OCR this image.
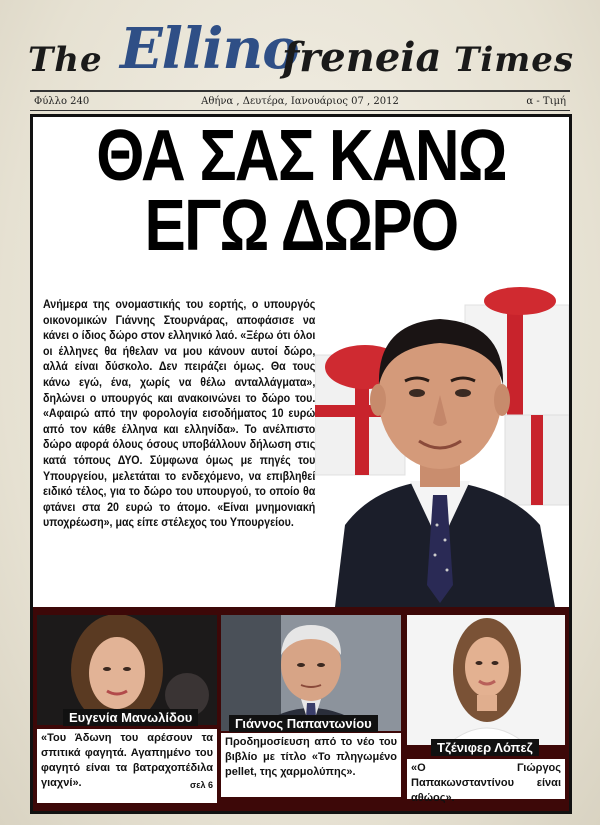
The Ellino
freneia Times
Φύλλο 240	Αθήνα , Δευτέρα, Ιανουάριος 07 , 2012	α - Τιμή
ΘΑ ΣΑΣ ΚΑΝΩ
ΕΓΩ ΔΩΡΟ
Ανήμερα της ονομαστικής του εορτής, ο υπουργός οικονομικών Γιάννης Στουρνάρας, αποφάσισε να κάνει ο ίδιος δώρο στον ελληνικό λαό. «Ξέρω ότι όλοι οι έλληνες θα ήθελαν να μου κάνουν αυτοί δώρο, αλλά είναι δύσκολο. Δεν πειράζει όμως. Θα τους κάνω εγώ, ένα, χωρίς να θέλω ανταλλάγματα», δηλώνει ο υπουργός και ανακοινώνει το δώρο του. «Αφαιρώ από την φορολογία εισοδήματος 10 ευρώ από τον κάθε έλληνα και ελληνίδα». Το ανέλπιστο δώρο αφορά όλους όσους υποβάλλουν δήλωση στις κατά τόπους ΔΥΟ. Σύμφωνα όμως με πηγές του Υπουργείου, μελετάται το ενδεχόμενο, να επιβληθεί ειδικό τέλος, για το δώρο του υπουργού, το οποίο θα φτάνει στα 20 ευρώ το άτομο. «Είναι μνημονιακή υποχρέωση», μας είπε στέλεχος του Υπουργείου.
Ευγενία Μανωλίδου
«Του Άδωνη του αρέσουν τα σπιτικά φαγητά. Αγαπημένο του φαγητό είναι τα βατραχοπέδιλα γιαχνί».	σελ 6
Γιάννος Παπαντωνίου
Προδημοσίευση από το νέο του βιβλίο με τίτλο «Το πληγωμένο pellet, της χαρμολύπης».
Τζένιφερ Λόπεζ
«Ο Γιώργος Παπακωνσταντίνου είναι αθώος».
